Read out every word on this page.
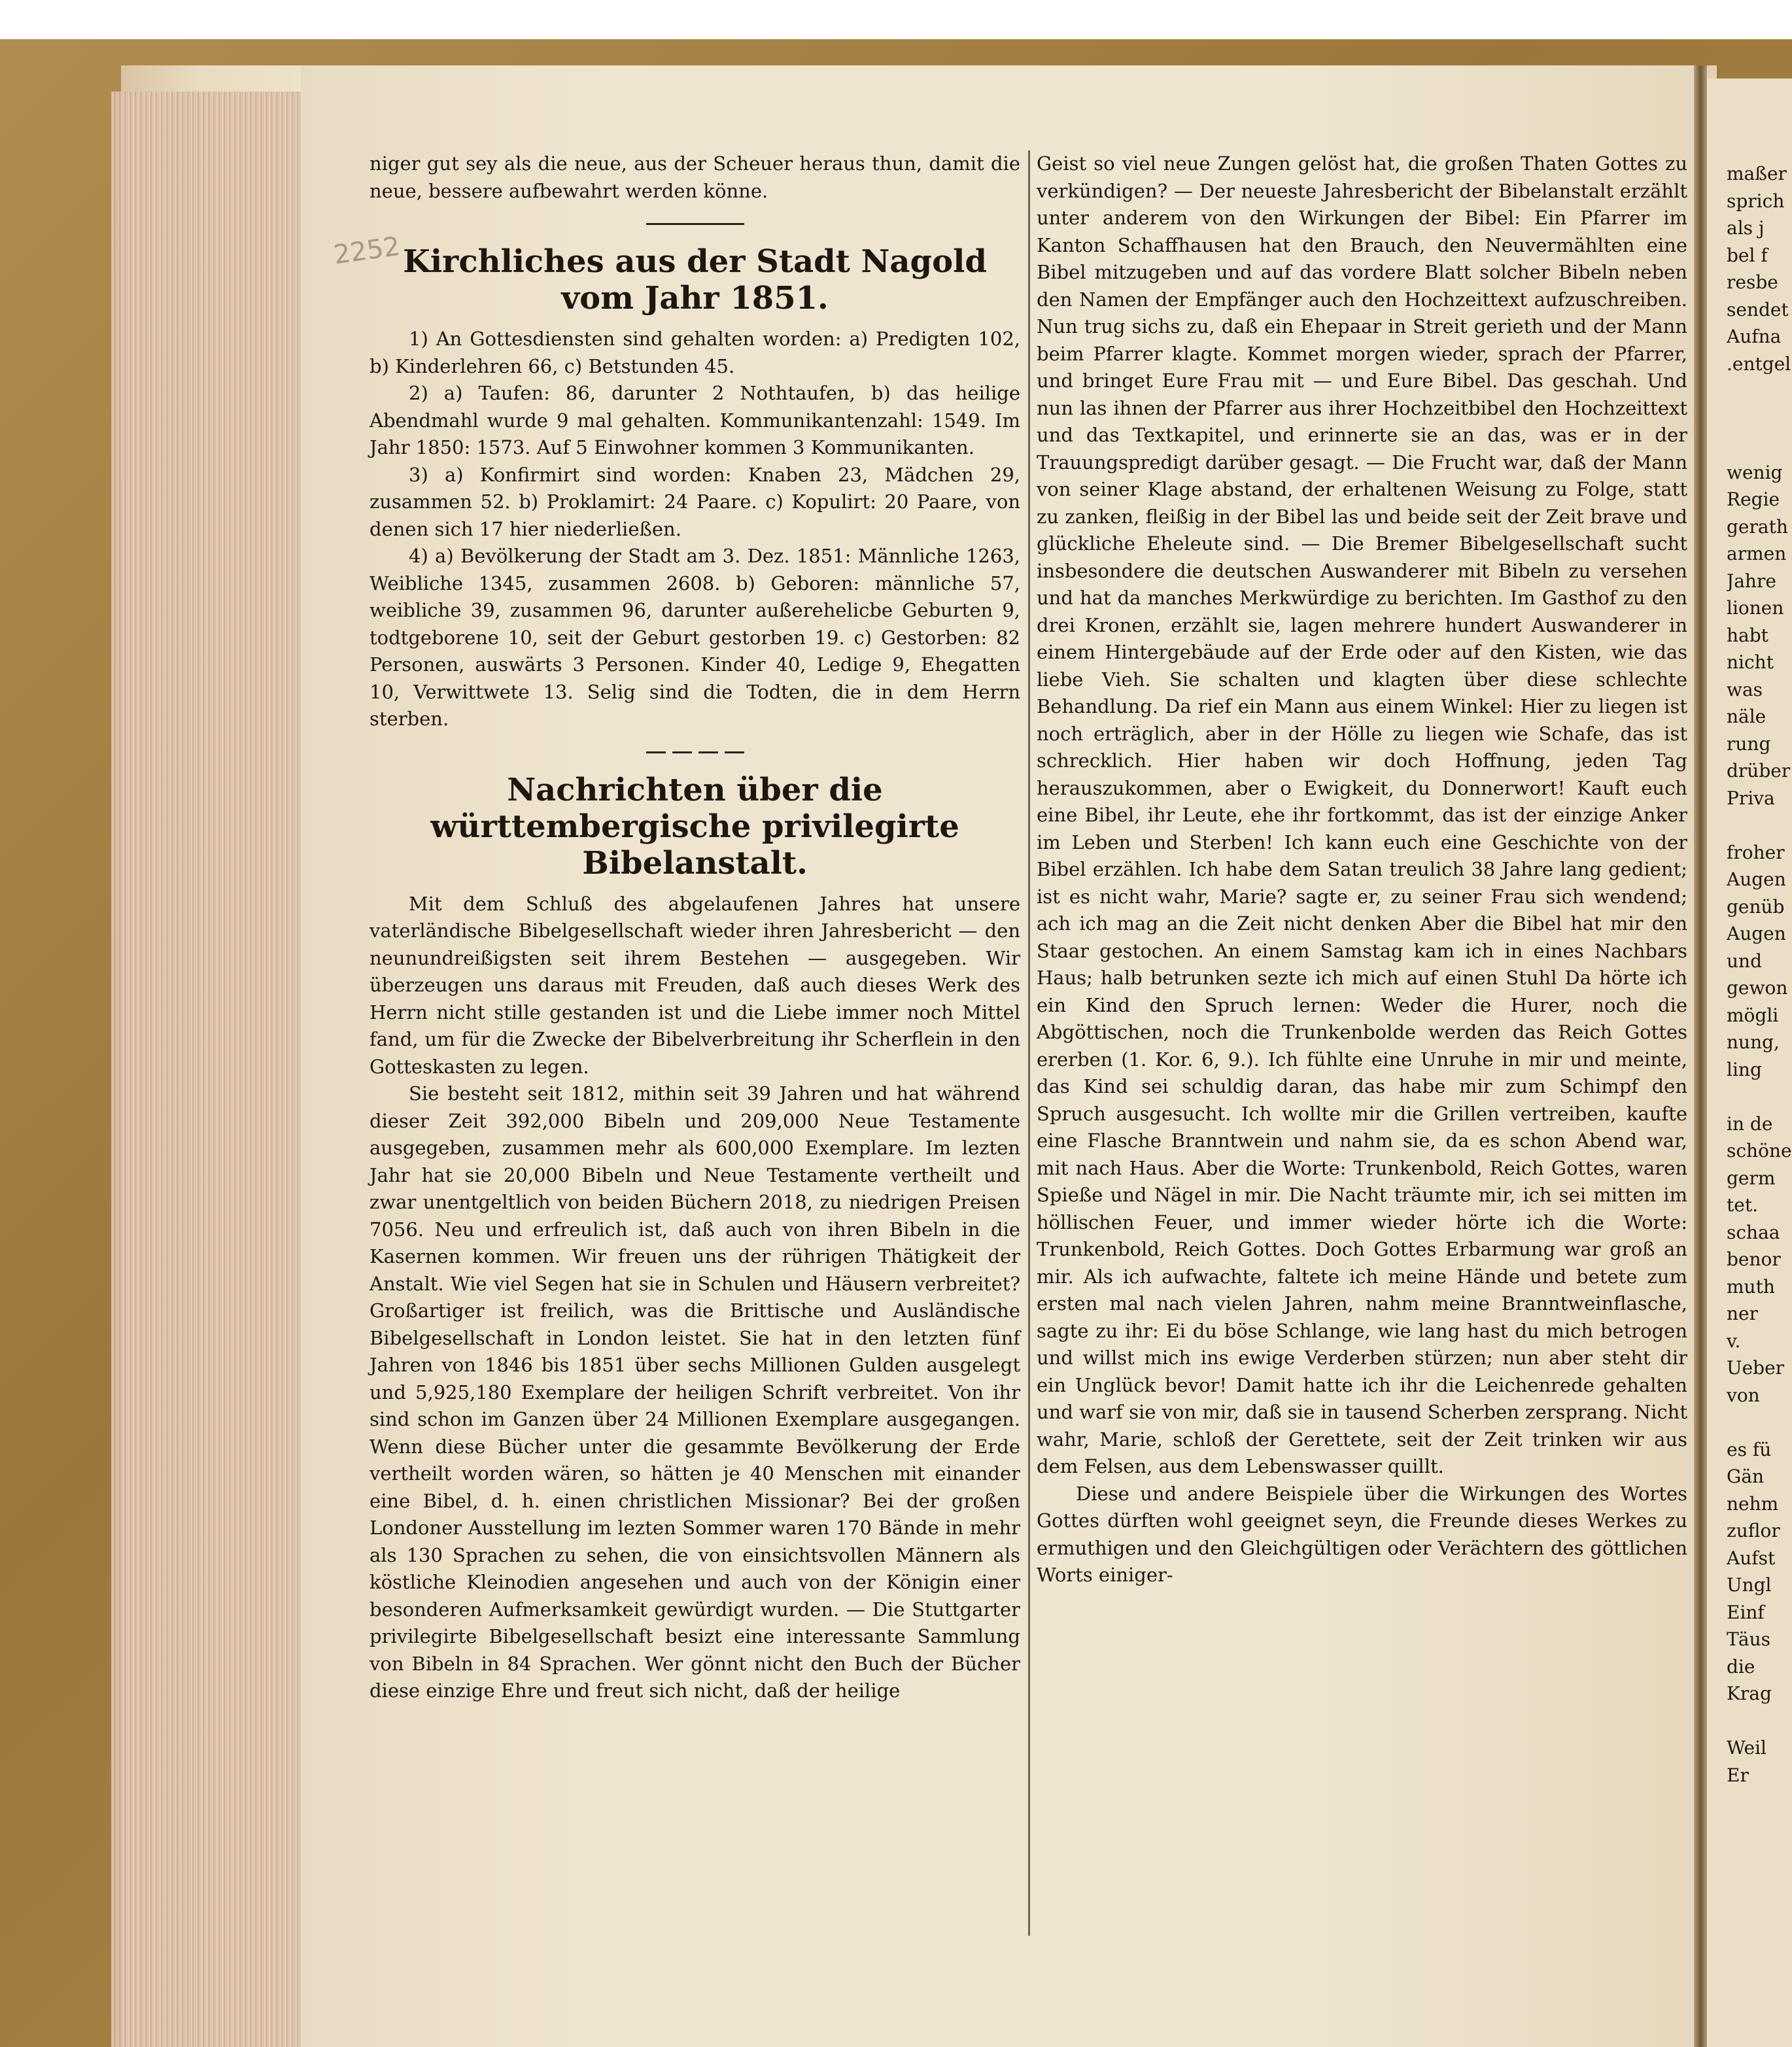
2252

niger gut sey als die neue, aus der Scheuer heraus thun, damit die neue, bessere aufbewahrt werden könne.

Kirchliches aus der Stadt Nagold vom Jahr 1851.

1) An Gottesdiensten sind gehalten worden: a) Predigten 102, b) Kinderlehren 66, c) Betstunden 45.

2) a) Taufen: 86, darunter 2 Nothtaufen, b) das heilige Abendmahl wurde 9 mal gehalten. Kommunikantenzahl: 1549. Im Jahr 1850: 1573. Auf 5 Einwohner kommen 3 Kommunikanten.

3) a) Konfirmirt sind worden: Knaben 23, Mädchen 29, zusammen 52. b) Proklamirt: 24 Paare. c) Kopulirt: 20 Paare, von denen sich 17 hier niederließen.

4) a) Bevölkerung der Stadt am 3. Dez. 1851: Männliche 1263, Weibliche 1345, zusammen 2608. b) Geboren: männliche 57, weibliche 39, zusammen 96, darunter außerehelicbe Geburten 9, todtgeborene 10, seit der Geburt gestorben 19. c) Gestorben: 82 Personen, auswärts 3 Personen. Kinder 40, Ledige 9, Ehegatten 10, Verwittwete 13. Selig sind die Todten, die in dem Herrn sterben.

Nachrichten über die württembergische privilegirte Bibelanstalt.

Mit dem Schluß des abgelaufenen Jahres hat unsere vaterländische Bibelgesellschaft wieder ihren Jahresbericht — den neunundreißigsten seit ihrem Bestehen — ausgegeben. Wir überzeugen uns daraus mit Freuden, daß auch dieses Werk des Herrn nicht stille gestanden ist und die Liebe immer noch Mittel fand, um für die Zwecke der Bibelverbreitung ihr Scherflein in den Gotteskasten zu legen.

Sie besteht seit 1812, mithin seit 39 Jahren und hat während dieser Zeit 392,000 Bibeln und 209,000 Neue Testamente ausgegeben, zusammen mehr als 600,000 Exemplare. Im lezten Jahr hat sie 20,000 Bibeln und Neue Testamente vertheilt und zwar unentgeltlich von beiden Büchern 2018, zu niedrigen Preisen 7056. Neu und erfreulich ist, daß auch von ihren Bibeln in die Kasernen kommen. Wir freuen uns der rührigen Thätigkeit der Anstalt. Wie viel Segen hat sie in Schulen und Häusern verbreitet? Großartiger ist freilich, was die Brittische und Ausländische Bibelgesellschaft in London leistet. Sie hat in den letzten fünf Jahren von 1846 bis 1851 über sechs Millionen Gulden ausgelegt und 5,925,180 Exemplare der heiligen Schrift verbreitet. Von ihr sind schon im Ganzen über 24 Millionen Exemplare ausgegangen. Wenn diese Bücher unter die gesammte Bevölkerung der Erde vertheilt worden wären, so hätten je 40 Menschen mit einander eine Bibel, d. h. einen christlichen Missionar? Bei der großen Londoner Ausstellung im lezten Sommer waren 170 Bände in mehr als 130 Sprachen zu sehen, die von einsichtsvollen Männern als köstliche Kleinodien angesehen und auch von der Königin einer besonderen Aufmerksamkeit gewürdigt wurden. — Die Stuttgarter privilegirte Bibelgesellschaft besizt eine interessante Sammlung von Bibeln in 84 Sprachen. Wer gönnt nicht den Buch der Bücher diese einzige Ehre und freut sich nicht, daß der heilige

Geist so viel neue Zungen gelöst hat, die großen Thaten Gottes zu verkündigen? — Der neueste Jahresbericht der Bibelanstalt erzählt unter anderem von den Wirkungen der Bibel: Ein Pfarrer im Kanton Schaffhausen hat den Brauch, den Neuvermählten eine Bibel mitzugeben und auf das vordere Blatt solcher Bibeln neben den Namen der Empfänger auch den Hochzeittext aufzuschreiben. Nun trug sichs zu, daß ein Ehepaar in Streit gerieth und der Mann beim Pfarrer klagte. Kommet morgen wieder, sprach der Pfarrer, und bringet Eure Frau mit — und Eure Bibel. Das geschah. Und nun las ihnen der Pfarrer aus ihrer Hochzeitbibel den Hochzeittext und das Textkapitel, und erinnerte sie an das, was er in der Trauungspredigt darüber gesagt. — Die Frucht war, daß der Mann von seiner Klage abstand, der erhaltenen Weisung zu Folge, statt zu zanken, fleißig in der Bibel las und beide seit der Zeit brave und glückliche Eheleute sind. — Die Bremer Bibelgesellschaft sucht insbesondere die deutschen Auswanderer mit Bibeln zu versehen und hat da manches Merkwürdige zu berichten. Im Gasthof zu den drei Kronen, erzählt sie, lagen mehrere hundert Auswanderer in einem Hintergebäude auf der Erde oder auf den Kisten, wie das liebe Vieh. Sie schalten und klagten über diese schlechte Behandlung. Da rief ein Mann aus einem Winkel: Hier zu liegen ist noch erträglich, aber in der Hölle zu liegen wie Schafe, das ist schrecklich. Hier haben wir doch Hoffnung, jeden Tag herauszukommen, aber o Ewigkeit, du Donnerwort! Kauft euch eine Bibel, ihr Leute, ehe ihr fortkommt, das ist der einzige Anker im Leben und Sterben! Ich kann euch eine Geschichte von der Bibel erzählen. Ich habe dem Satan treulich 38 Jahre lang gedient; ist es nicht wahr, Marie? sagte er, zu seiner Frau sich wendend; ach ich mag an die Zeit nicht denken Aber die Bibel hat mir den Staar gestochen. An einem Samstag kam ich in eines Nachbars Haus; halb betrunken sezte ich mich auf einen Stuhl Da hörte ich ein Kind den Spruch lernen: Weder die Hurer, noch die Abgöttischen, noch die Trunkenbolde werden das Reich Gottes ererben (1. Kor. 6, 9.). Ich fühlte eine Unruhe in mir und meinte, das Kind sei schuldig daran, das habe mir zum Schimpf den Spruch ausgesucht. Ich wollte mir die Grillen vertreiben, kaufte eine Flasche Branntwein und nahm sie, da es schon Abend war, mit nach Haus. Aber die Worte: Trunkenbold, Reich Gottes, waren Spieße und Nägel in mir. Die Nacht träumte mir, ich sei mitten im höllischen Feuer, und immer wieder hörte ich die Worte: Trunkenbold, Reich Gottes. Doch Gottes Erbarmung war groß an mir. Als ich aufwachte, faltete ich meine Hände und betete zum ersten mal nach vielen Jahren, nahm meine Branntweinflasche, sagte zu ihr: Ei du böse Schlange, wie lang hast du mich betrogen und willst mich ins ewige Verderben stürzen; nun aber steht dir ein Unglück bevor! Damit hatte ich ihr die Leichenrede gehalten und warf sie von mir, daß sie in tausend Scherben zersprang. Nicht wahr, Marie, schloß der Gerettete, seit der Zeit trinken wir aus dem Felsen, aus dem Lebenswasser quillt.

Diese und andere Beispiele über die Wirkungen des Wortes Gottes dürften wohl geeignet seyn, die Freunde dieses Werkes zu ermuthigen und den Gleichgültigen oder Verächtern des göttlichen Worts einiger-

maßer
sprich
als j
bel f
resbe
sendet
Aufna
.entgel
wenig
Regie
gerath
armen
Jahre
lionen
habt
nicht
was
näle
rung
drüber
Priva
froher
Augen
genüb
Augen
und
gewon
mögli
nung,
ling
in de
schöne
germ
tet.
schaa
benor
muth
ner
v.
Ueber
von
es fü
Gän
nehm
zuflor
Aufst
Ungl
Einf
Täus
die
Krag
Weil
Er
